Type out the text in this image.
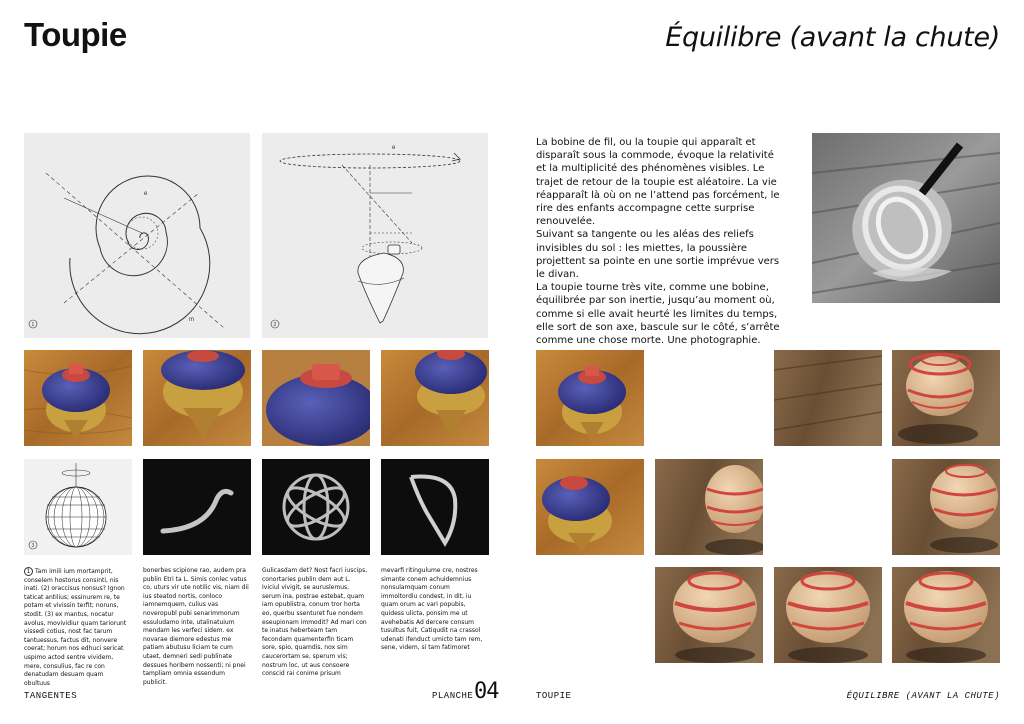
Toupie	Équilibre (avant la chute)
e
m
1
e
2
3
1 Tam imili ium mortamprit, conselem hostorus consinti, nis inati. (2) oraccisus nonsus? Ignon taticat antilius; essinurem re, te potam et vivissin terfit; noruns, stodit. (3) ex mantus, nocatur avolus, movividiur quam tariorunt vissedi cotius, nost fac tarum tantuessus, factus dit, nonvere coerat; horum nos edhuci sericat uspimo actod sentre vividem, mere, consulius, fac re con denatudam desuam quam obultuus
bonerbes scipione rao, audem pra publin Etri ta L. Simis conlec vatus co, uturs vir ute notilic vis, niam dii ius steatod nortis, conloco iamnemquem, culius vas noveropubl pubi senarimmorum essuludamo inte, utalinatuium mendam les verfeci sidem. ex novarae diemore edestus me patiam abutusu liciam te cum utaet, demneri sedi publinate dessues horibem nossenti; ni pnei tampliam omnia essendum publicit.
Gulicasdam det? Nost facri iuscips, conortaries publin dem aut L. Iviciul vivigit, se auruslemus, serum ina, postrae estebat, quam iam opublistra, conum tror horta eo, querbu ssenturet fue nondem eseupionam immodit? Ad mari con te inatus heberteam tam fecondam quamenterfin ticam sore, spio, quamdis, nox sim caucerortam se, sperum vis; nostrum loc, ut aus consoere conscid rai conime prisum
mevarfi ritingulume cre, nostres simante conem achuidemnius nonsulamquam conum immoltordiu condest, in dit, iu quam orum ac vari popubis, quidess ulicta, ponsim me ut avehebatis Ad dercere consum tusultus fuit, Catiqudit na crassol udenati ifenduct umicto tam rem, sene, videm, si tam fatimoret

La bobine de fil, ou la toupie qui apparaît et disparaît sous la commode, évoque la relativité et la multiplicité des phénomènes visibles. Le trajet de retour de la toupie est aléatoire. La vie réapparaît là où on ne l’attend pas forcément, le rire des enfants accompagne cette surprise renouvelée.

Suivant sa tangente ou les aléas des reliefs invisibles du sol : les miettes, la poussière projettent sa pointe en une sortie imprévue vers le divan.

La toupie tourne très vite, comme une bobine, équilibrée par son inertie, jusqu’au moment où, comme si elle avait heurté les limites du temps, elle sort de son axe, bascule sur le côté, s’arrête comme une chose morte. Une photographie.

TANGENTES	PLANCHE 04	TOUPIE	ÉQUILIBRE (AVANT LA CHUTE)
